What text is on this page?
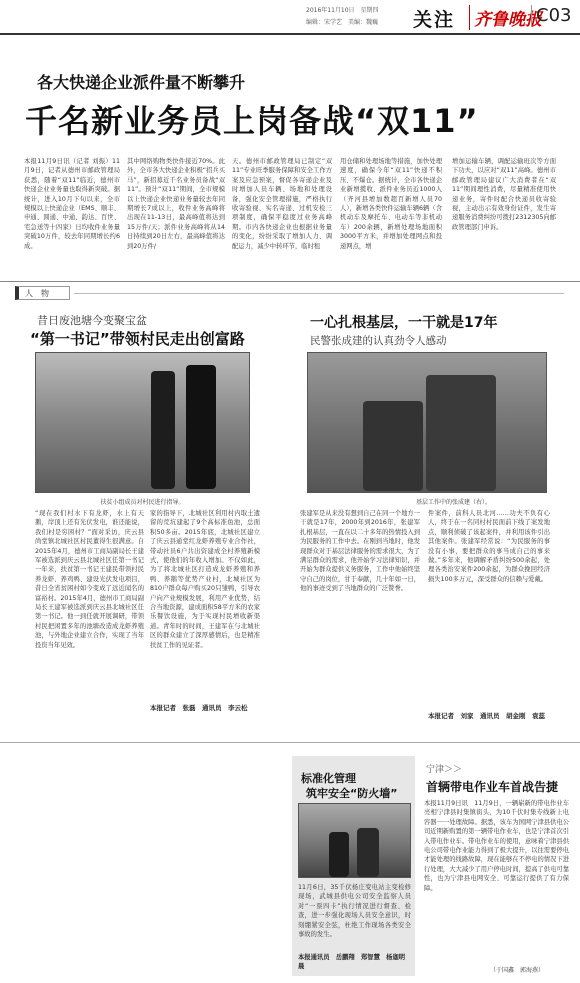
2016年11月10日　星期四
编辑：宋学艺　美编：魏巍 关注 齐鲁晚报
C03
各大快递企业派件量不断攀升
千名新业务员上岗备战“双11”
本报11月9日讯（记者 刘振）11月9日，记者从德州市邮政管理局获悉，随着“双11”临近，德州市快递企业业务量也取得新突破。据统计，进入10月下旬以来，全市规模以上快递企业（EMS、顺丰、申通、圆通、中通、韵达、百世、宅急送等十四家）日均收件业务量突破10万件，较去年同期增长约6成。
其中网络购物类快件接近70%。此外，全市各大快递企业积极“招兵买马”，新招募近千名业务员备战“双11”。预计“双11”期间，全市规模以上快递企业快递业务量较去年同期增长7成以上，收件业务高峰将出现在11-13日，最高峰值将达到15万件/天；派件业务高峰将从14日持续到20日左右，最高峰值将达到20万件/
天。德州市邮政管理局已制定“双11”专业旺季服务保障和安全工作方案及应急预案，督促各寄递企业及时增加人员车辆、场地和处理设备，强化安全管理措施，严格执行收寄验视、实名寄递、过机安检三项制度，确保平稳度过业务高峰期。市内各快递企业也根据业务量的变化，纷纷采取了增加人力、调配运力，减少中转环节，临时租
用仓储和处理场地等措施，加快处理速度，确保今年“双11”快递不积压、不爆仓。据统计，全市各快递企业新增揽收、派件业务员近1000人（齐河县增加数超百新增人员70人），新增各类快件运输车辆6辆（含机动车及摩托车、电动车等非机动车）200余辆，新增处理场地面积3000平方米，并增加处理网点和投递网点，增
增加运输车辆，调配运输班次等方面下功夫，以应对“双11”高峰。德州市邮政管理局建议广大消费者在“双11”期间理性消费，尽量精准使用快递业务，寄件时配合快递员收寄验视，主动出示有效身份证件，发生寄递服务消费纠纷可拨打2312305向邮政管理部门申诉。
人　物
昔日废池塘今变聚宝盆
“第一书记”带领村民走出创富路
扶贫小组成员对村民进行指导。
“现在我们村水下有龙虾，水上有天鹅，岸顶上还有光伏发电，谁还能说，我们村是穷困村？”面对采访，庆云县尚堂镇北城社区村民董得生很满意。自2015年4月，德州市工商局副局长王建军被选派到庆云县北城社区任第一书记一年来，扶贫第一书记王建民带领村民养龙虾、养鸡鸭、建设光伏发电项目，昔日全省贫困村如今变成了远近闻名的富裕村。2015年4月，德州市工商局副局长王建军被选派到庆云县北城社区任第一书记。他一到任就开展调研，带领村民把闲置多年的池塘改造成龙虾养殖池，与外地企业建立合作，实现了当年投资当年见效。
家的指导下，北城社区利用村内取土遗留的荒坑建起了9个高标准鱼池，总面积50多亩。2015年底，北城社区建立了庆云县通堂红龙虾养殖专业合作社，带动社员6户共出资建成全村养殖新模式，使他们的年收入增加。不仅如此，为了将北城社区打造成龙虾养殖和养鸭、养鹅等优势产业村，北城社区为810户群众每户购买20只雏鸭，引导农户向产业规模发展，利用产业优势，结合当地资源，建成面积58平方米的农家乐餐饮设施，为于实现村民增收新渠道。青年时的时间，王建军在与北城社区的群众建立了深厚感情后，也是精准扶贫工作的见证者。
本报记者　张磊　通讯员　李云松
一心扎根基层，一干就是17年
民警张成建的认真劲令人感动
基层工作中的张成建（右）。
张建军是从来没有想到自己在同一个地方一干就是17年，2000年到2016年，张建军扎根基层，一直在以二十多年的热情投入到为民服务的工作中去。在刚到当地时，他发现群众对于基层法律服务的需求很大，为了满足群众的需求，他开始学习法律知识，并开始为群众提供义务服务，工作中他始终坚守自己的岗位，甘于奉献，几十年如一日，他的事迹受到了当地群众的广泛赞誉。
件案件，前科人员北河……功夫不负有心人，终于在一名同村村民面前下线了案发地点，顺利侦破了该起案件，并利用该件引出其他案件。张建军经常说：“为民服务的事没有小事，要把群众的事当成自己的事来做。”多年来，他调解矛盾纠纷500余起，处理各类治安案件200余起，为群众挽回经济损失100多万元，深受群众的信赖与爱戴。
本报记者　刘家　通讯员　胡金刚　袁蕊
标准化管理
筑牢安全“防火墙”
11月6日，35千伏杨庄变电站主变检修现场，武城县供电公司安全监察人员对“一票四卡”执行情况进行督查、检查，进一步强化现场人员安全意识，时刻绷紧安全弦，杜绝工作现场各类安全事故的发生。
本报通讯员　岳鹏翔　郑智慧　杨迦明　晨
宁津＞＞
首辆带电作业车首战告捷
本报11月9日讯　11月9日，一辆崭新的带电作业车亮相宁津县时集镇街头，为10千伏时集专线新上电容器一一处理故障。据悉，该车为国网宁津县供电公司近期新购置的第一辆带电作业车，也是宁津首次引入带电作业车。带电作业车的使用，意味着宁津县供电公司带电作业能力得到了极大提升，以往需要停电才能处理的线路故障，现在能够在不停电的情况下进行处理，大大减少了用户停电时间，提高了供电可靠性，也为宁津县电网安全、可靠运行提供了有力保障。
（于国鑫　郭海燕）
